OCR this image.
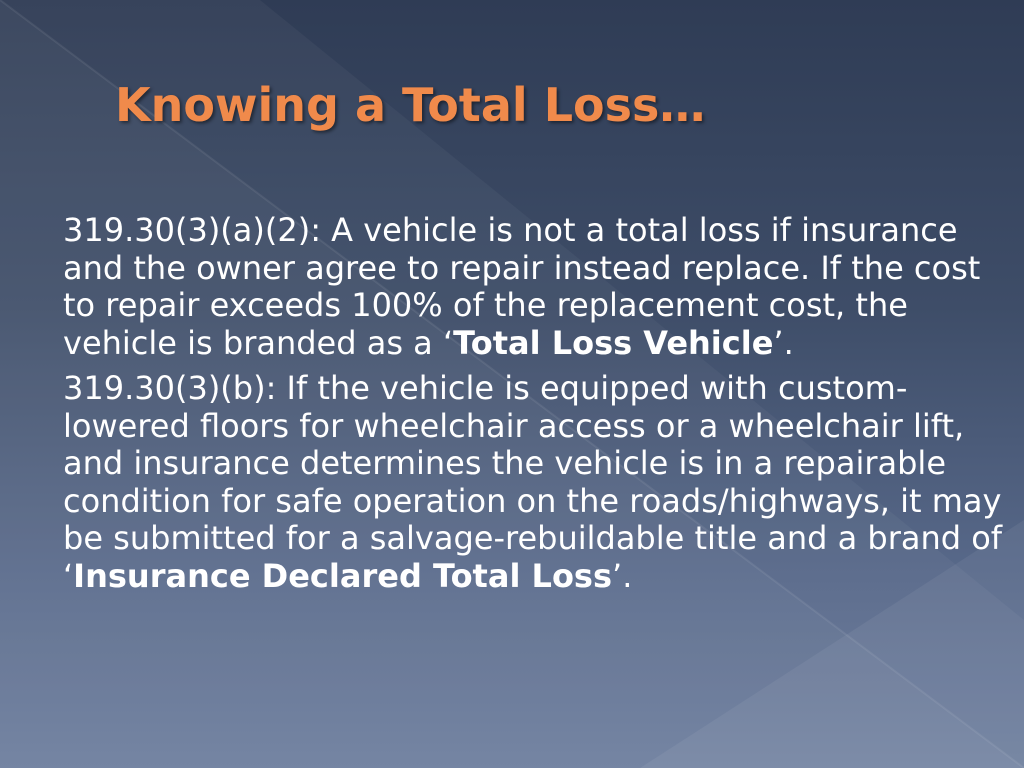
Knowing a Total Loss…

319.30(3)(a)(2): A vehicle is not a total loss if insurance and the owner agree to repair instead replace. If the cost to repair exceeds 100% of the replacement cost, the vehicle is branded as a ‘Total Loss Vehicle’.

319.30(3)(b): If the vehicle is equipped with custom-lowered floors for wheelchair access or a wheelchair lift, and insurance determines the vehicle is in a repairable condition for safe operation on the roads/highways, it may be submitted for a salvage-rebuildable title and a brand of ‘Insurance Declared Total Loss’.
